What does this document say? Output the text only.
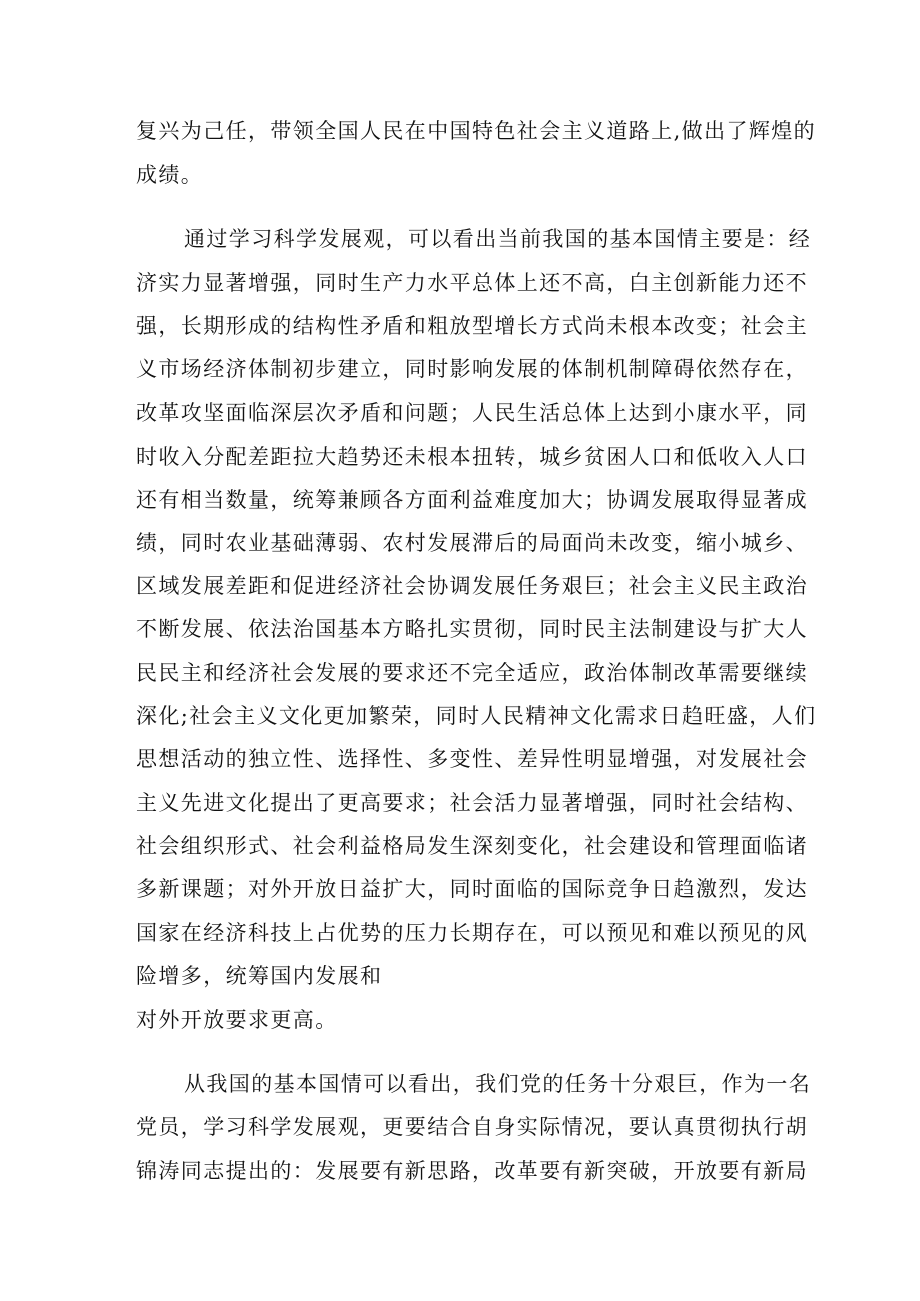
复兴为己任，带领全国人民在中国特色社会主义道路上,做出了辉煌的
成绩。
通过学习科学发展观，可以看出当前我国的基本国情主要是：经
济实力显著增强，同时生产力水平总体上还不高，白主创新能力还不
强，长期形成的结构性矛盾和粗放型增长方式尚未根本改变；社会主
义市场经济体制初步建立，同时影响发展的体制机制障碍依然存在，
改革攻坚面临深层次矛盾和问题；人民生活总体上达到小康水平，同
时收入分配差距拉大趋势还未根本扭转，城乡贫困人口和低收入人口
还有相当数量，统筹兼顾各方面利益难度加大；协调发展取得显著成
绩，同时农业基础薄弱、农村发展滞后的局面尚未改变，缩小城乡、
区域发展差距和促进经济社会协调发展任务艰巨；社会主义民主政治
不断发展、依法治国基本方略扎实贯彻，同时民主法制建设与扩大人
民民主和经济社会发展的要求还不完全适应，政治体制改革需要继续
深化;社会主义文化更加繁荣，同时人民精神文化需求日趋旺盛，人们
思想活动的独立性、选择性、多变性、差异性明显增强，对发展社会
主义先进文化提出了更高要求；社会活力显著增强，同时社会结构、
社会组织形式、社会利益格局发生深刻变化，社会建设和管理面临诸
多新课题；对外开放日益扩大，同时面临的国际竞争日趋激烈，发达
国家在经济科技上占优势的压力长期存在，可以预见和难以预见的风
险增多，统筹国内发展和
对外开放要求更高。
从我国的基本国情可以看出，我们党的任务十分艰巨，作为一名
党员，学习科学发展观，更要结合自身实际情况，要认真贯彻执行胡
锦涛同志提出的：发展要有新思路，改革要有新突破，开放要有新局
